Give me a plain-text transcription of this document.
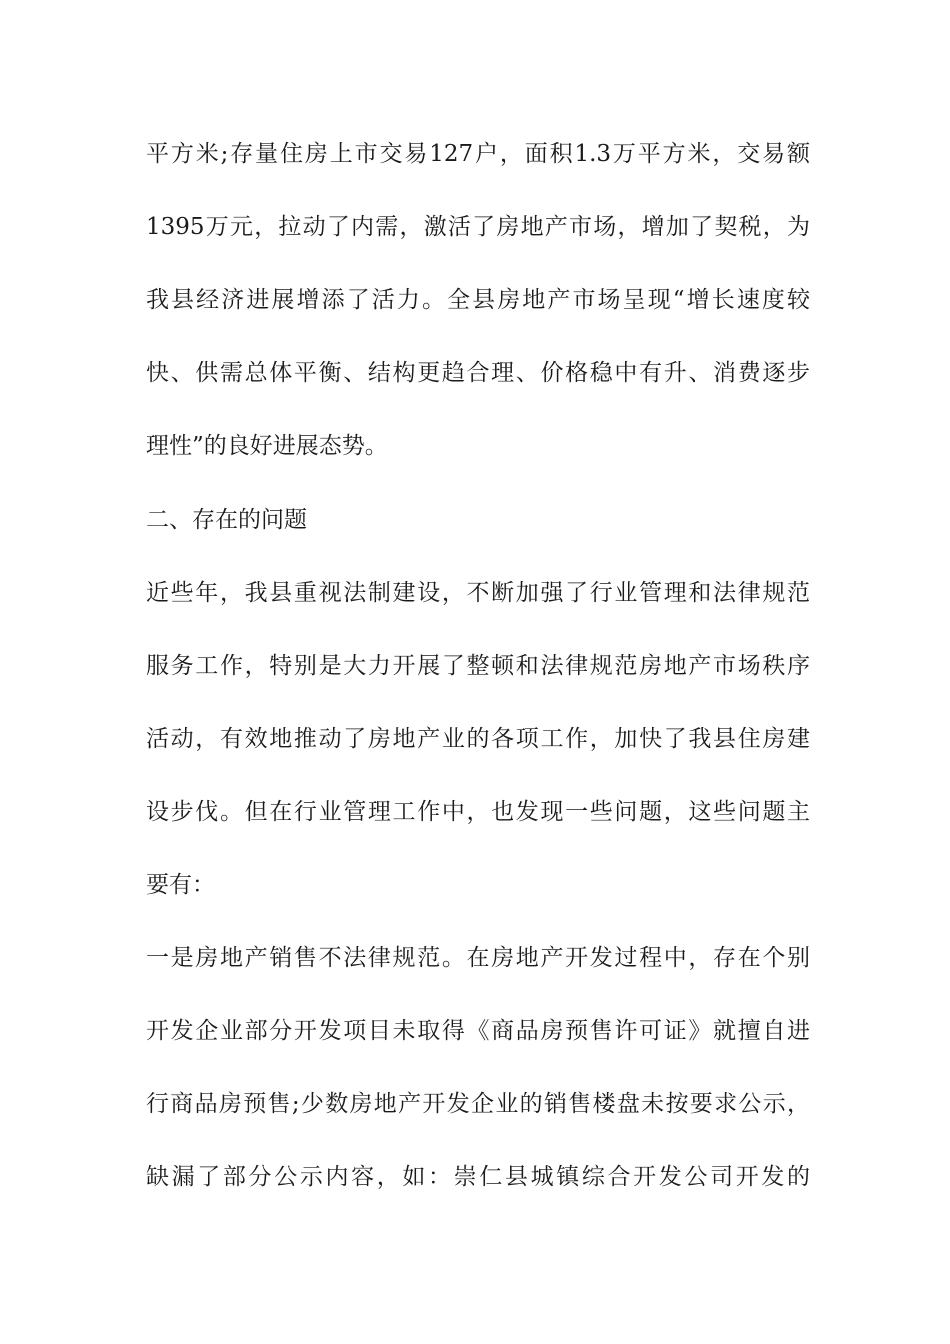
平方米;存量住房上市交易127户，面积1.3万平方米，交易额
1395万元，拉动了内需，激活了房地产市场，增加了契税，为
我县经济进展增添了活力。全县房地产市场呈现“增长速度较
快、供需总体平衡、结构更趋合理、价格稳中有升、消费逐步
理性”的良好进展态势。
二、存在的问题
近些年，我县重视法制建设，不断加强了行业管理和法律规范
服务工作，特别是大力开展了整顿和法律规范房地产市场秩序
活动，有效地推动了房地产业的各项工作，加快了我县住房建
设步伐。但在行业管理工作中，也发现一些问题，这些问题主
要有：
一是房地产销售不法律规范。在房地产开发过程中，存在个别
开发企业部分开发项目未取得《商品房预售许可证》就擅自进
行商品房预售;少数房地产开发企业的销售楼盘未按要求公示，
缺漏了部分公示内容，如：崇仁县城镇综合开发公司开发的
